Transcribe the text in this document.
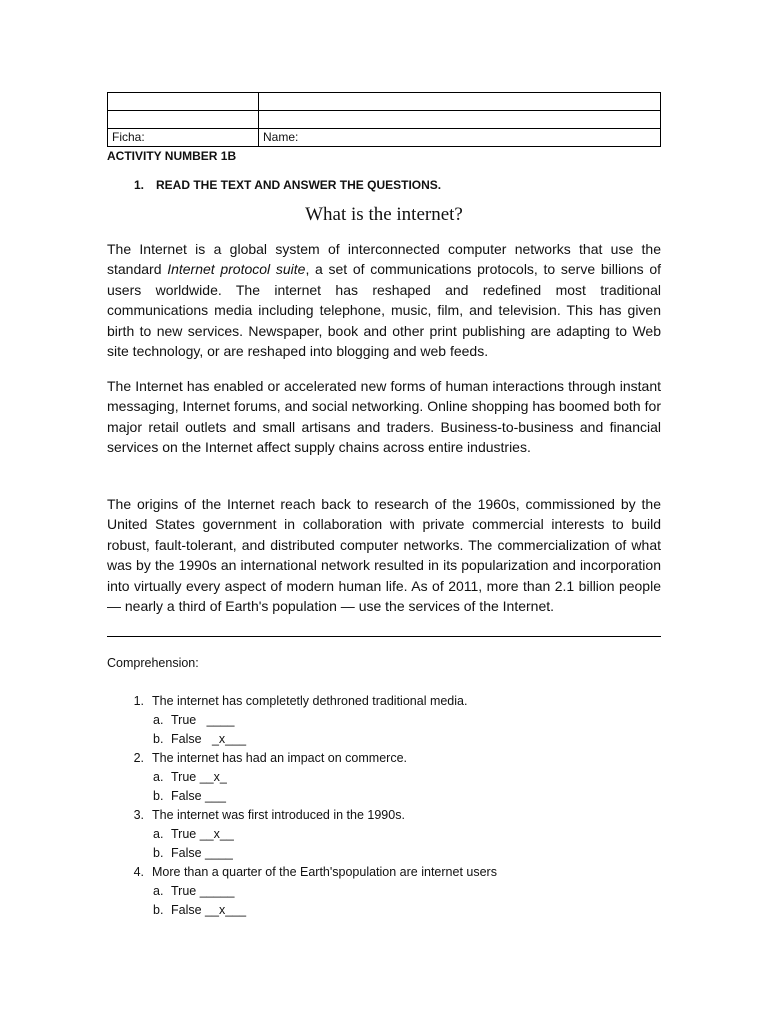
Ficha:	Name:
ACTIVITY NUMBER 1B
1. READ THE TEXT AND ANSWER THE QUESTIONS.
What is the internet?

The Internet is a global system of interconnected computer networks that use the standard Internet protocol suite, a set of communications protocols, to serve billions of users worldwide. The internet has reshaped and redefined most traditional communications media including telephone, music, film, and television. This has given birth to new services. Newspaper, book and other print publishing are adapting to Web site technology, or are reshaped into blogging and web feeds.

The Internet has enabled or accelerated new forms of human interactions through instant messaging, Internet forums, and social networking. Online shopping has boomed both for major retail outlets and small artisans and traders. Business-to-business and financial services on the Internet affect supply chains across entire industries.

The origins of the Internet reach back to research of the 1960s, commissioned by the United States government in collaboration with private commercial interests to build robust, fault-tolerant, and distributed computer networks. The commercialization of what was by the 1990s an international network resulted in its popularization and incorporation into virtually every aspect of modern human life. As of 2011, more than 2.1 billion people — nearly a third of Earth's population — use the services of the Internet.

Comprehension:
1. The internet has completetly dethroned traditional media.
a. True   ____
b. False   _x___
2. The internet has had an impact on commerce.
a. True __x_
b. False ___
3. The internet was first introduced in the 1990s.
a. True __x__
b. False ____
4. More than a quarter of the Earth'spopulation are internet users
a. True _____
b. False __x___
